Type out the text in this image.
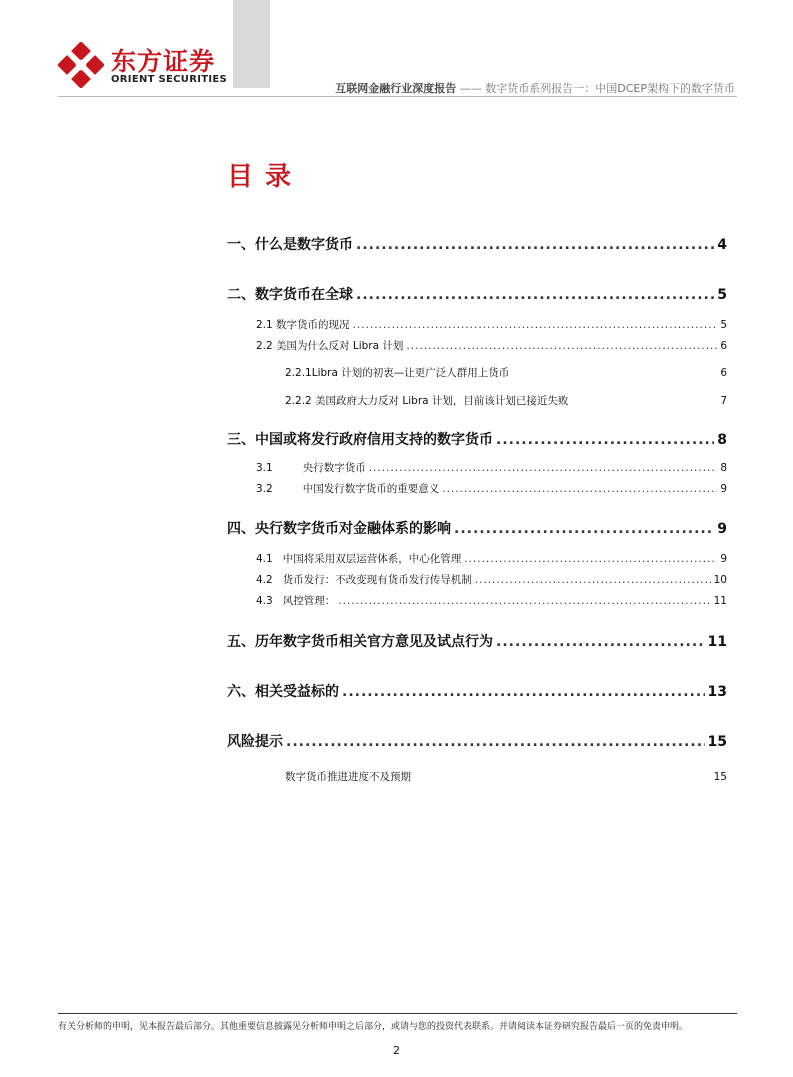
东方证券
ORIENT SECURITIES
互联网金融行业深度报告 —— 数字货币系列报告一：中国DCEP架构下的数字货币
目录
一、什么是数字货币 .....	4
二、数字货币在全球 .....	5
2.1 数字货币的现况 .....	5
2.2 美国为什么反对 Libra 计划 .....	6
2.2.1Libra 计划的初衷—让更广泛人群用上货币	6
2.2.2 美国政府大力反对 Libra 计划，目前该计划已接近失败	7
三、中国或将发行政府信用支持的数字货币 .....	8
3.1	央行数字货币 .....	8
3.2	中国发行数字货币的重要意义 .....	9
四、央行数字货币对金融体系的影响 .....	9
4.1 中国将采用双层运营体系，中心化管理 .....	9
4.2 货币发行：不改变现有货币发行传导机制 .....	10
4.3 风控管理： .....	11
五、历年数字货币相关官方意见及试点行为 .....	11
六、相关受益标的 .....	13
风险提示 .....	15
数字货币推进进度不及预期	15
有关分析师的申明，见本报告最后部分。其他重要信息披露见分析师申明之后部分，或请与您的投资代表联系。并请阅读本证券研究报告最后一页的免责申明。
2
